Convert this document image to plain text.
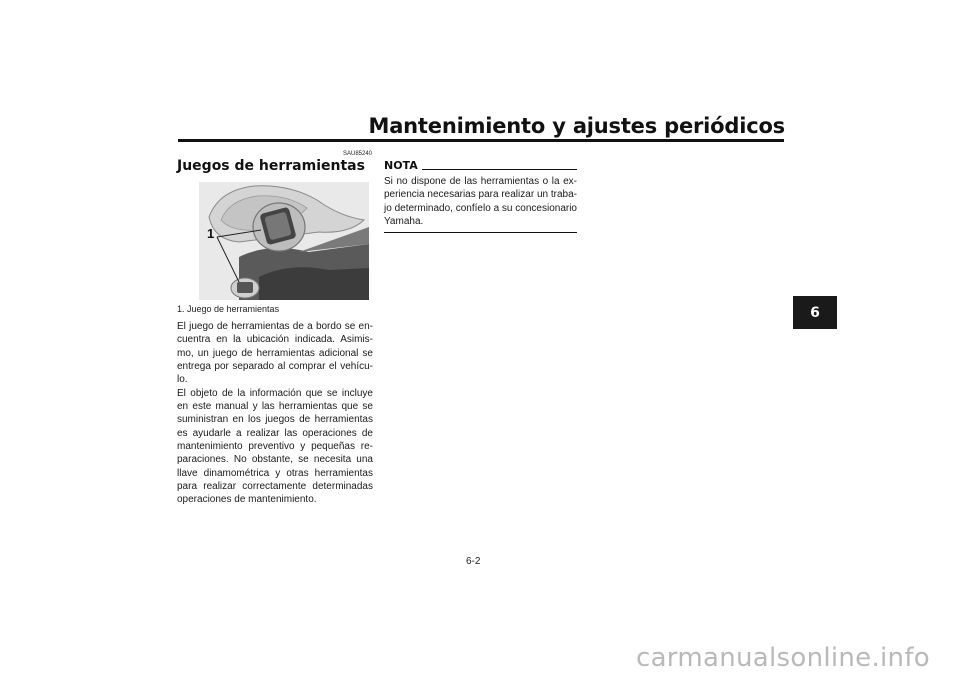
Mantenimiento y ajustes periódicos
6
SAU85240
Juegos de herramientas
1
1. Juego de herramientas

El juego de herramientas de a bordo se en-cuentra en la ubicación indicada. Asimis-mo, un juego de herramientas adicional se entrega por separado al comprar el vehícu-lo.

El objeto de la información que se incluye en este manual y las herramientas que se suministran en los juegos de herramientas es ayudarle a realizar las operaciones de mantenimiento preventivo y pequeñas re-paraciones. No obstante, se necesita una llave dinamométrica y otras herramientas para realizar correctamente determinadas operaciones de mantenimiento.

NOTA
Si no dispone de las herramientas o la ex-periencia necesarias para realizar un traba-jo determinado, confíelo a su concesionario Yamaha.
6-2
carmanualsonline.info
